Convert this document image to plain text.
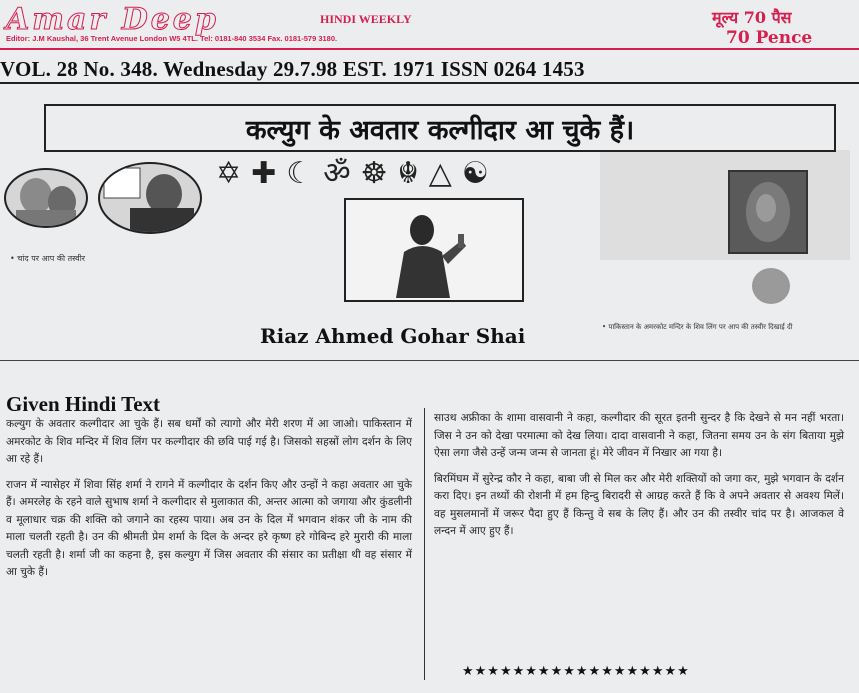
Amar Deep	HINDI WEEKLY	मूल्य 70 पैस
70 Pence
Editor: J.M Kaushal, 36 Trent Avenue London W5 4TL. Tel: 0181-840 3534 Fax. 0181-579 3180.
VOL. 28 No. 348. Wednesday 29.7.98 EST. 1971 ISSN 0264 1453
कल्युग के अवतार कल्गीदार आ चुके हैं।
✡ ✚ ☾ ॐ ☸ ☬ △ ☯
• चांद पर आप की तस्वीर
Riaz Ahmed Gohar Shai	• पाकिस्तान के अमरकोट मन्दिर के शिव लिंग पर आप की तस्वीर दिखाई दी
Given Hindi Text

कल्युग के अवतार कल्गीदार आ चुके हैं। सब धर्मों को त्यागो और मेरी शरण में आ जाओ। पाकिस्तान में अमरकोट के शिव मन्दिर में शिव लिंग पर कल्गीदार की छवि पाई गई है। जिसको सहस्रों लोग दर्शन के लिए आ रहे हैं।

राजन में न्यासेहर में शिवा सिंह शर्मा ने रागने में कल्गीदार के दर्शन किए और उन्हों ने कहा अवतार आ चुके हैं। अमरलेह के रहने वाले सुभाष शर्मा ने कल्गीदार से मुलाकात की, अन्तर आत्मा को जगाया और कुंडलीनी व मूलाधार चक्र की शक्ति को जगाने का रहस्य पाया। अब उन के दिल में भगवान शंकर जी के नाम की माला चलती रहती है। उन की श्रीमती प्रेम शर्मा के दिल के अन्दर हरे कृष्ण हरे गोबिन्द हरे मुरारी की माला चलती रहती है। शर्मा जी का कहना है, इस कल्युग में जिस अवतार की संसार का प्रतीक्षा थी वह संसार में आ चुके हैं।

साउथ अफ्रीका के शामा वासवानी ने कहा, कल्गीदार की सूरत इतनी सुन्दर है कि देखने से मन नहीं भरता। जिस ने उन को देखा परमात्मा को देख लिया। दादा वासवानी ने कहा, जितना समय उन के संग बिताया मुझे ऐसा लगा जैसे उन्हें जन्म जन्म से जानता हूं। मेरे जीवन में निखार आ गया है।

बिरमिंघम में सुरेन्द्र कौर ने कहा, बाबा जी से मिल कर और मेरी शक्तियों को जगा कर, मुझे भगवान के दर्शन करा दिए। इन तथ्यों की रोशनी में हम हिन्दु बिरादरी से आग्रह करते हैं कि वे अपने अवतार से अवश्य मिलें। वह मुसलमानों में जरूर पैदा हुए हैं किन्तु वे सब के लिए हैं। और उन की तस्वीर चांद पर है। आजकल वे लन्दन में आए हुए हैं।

★★★★★★★★★★★★★★★★★★
